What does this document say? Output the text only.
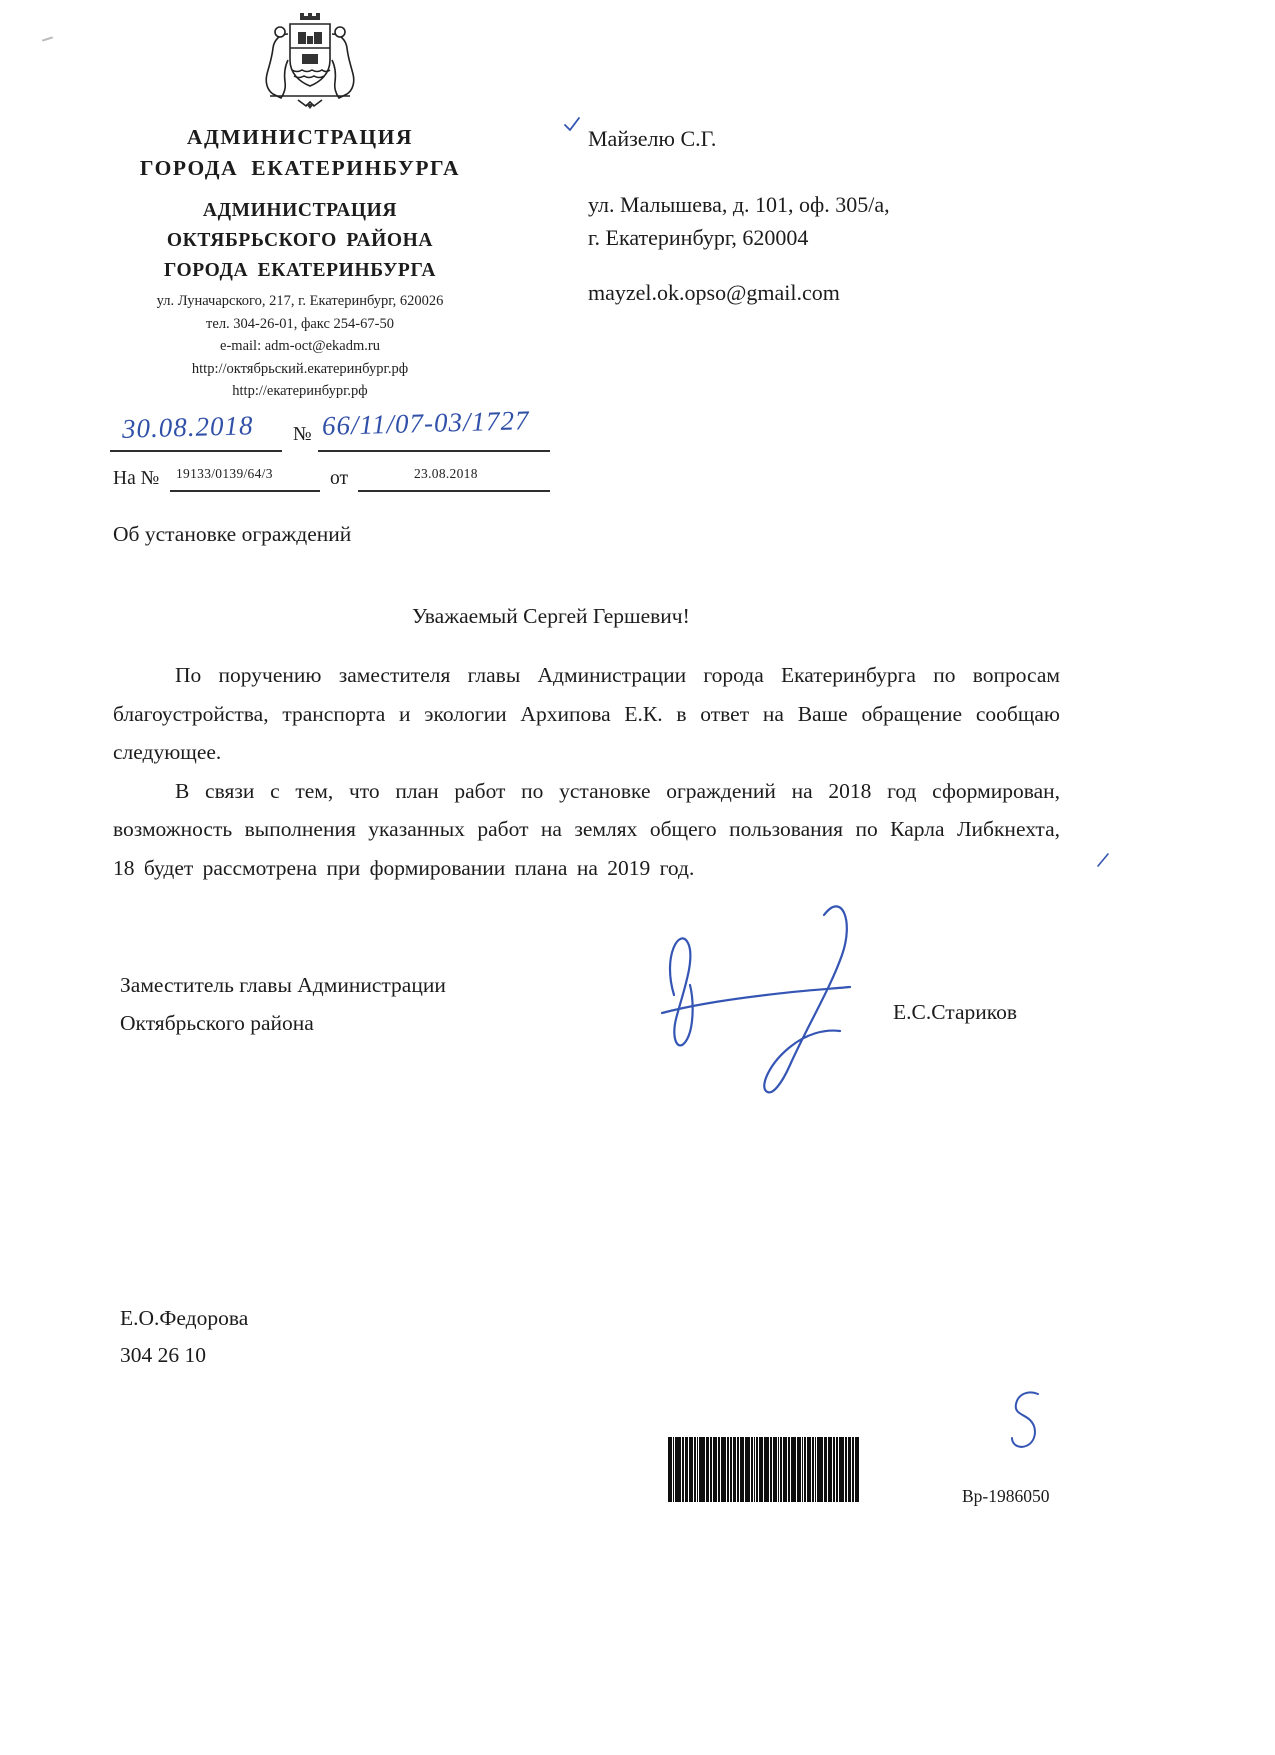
АДМИНИСТРАЦИЯ
ГОРОДА ЕКАТЕРИНБУРГА
АДМИНИСТРАЦИЯ
ОКТЯБРЬСКОГО РАЙОНА
ГОРОДА ЕКАТЕРИНБУРГА
ул. Луначарского, 217, г. Екатеринбург, 620026
тел. 304-26-01, факс 254-67-50
e-mail: adm-oct@ekadm.ru
http://октябрьский.екатеринбург.рф
http://екатеринбург.рф
Майзелю С.Г.
ул. Малышева, д. 101, оф. 305/а,
г. Екатеринбург, 620004
mayzel.ok.opso@gmail.com
30.08.2018 № 66/11/07-03/1727
На № 19133/0139/64/3	от	23.08.2018
Об установке ограждений
Уважаемый Сергей Гершевич!

По поручению заместителя главы Администрации города Екатеринбурга по вопросам благоустройства, транспорта и экологии Архипова Е.К. в ответ на Ваше обращение сообщаю следующее.

В связи с тем, что план работ по установке ограждений на 2018 год сформирован, возможность выполнения указанных работ на землях общего пользования по Карла Либкнехта, 18 будет рассмотрена при формировании плана на 2019 год.

Заместитель главы Администрации
Октябрьского района	Е.С.Стариков
Е.О.Федорова
304 26 10
Вр-1986050
